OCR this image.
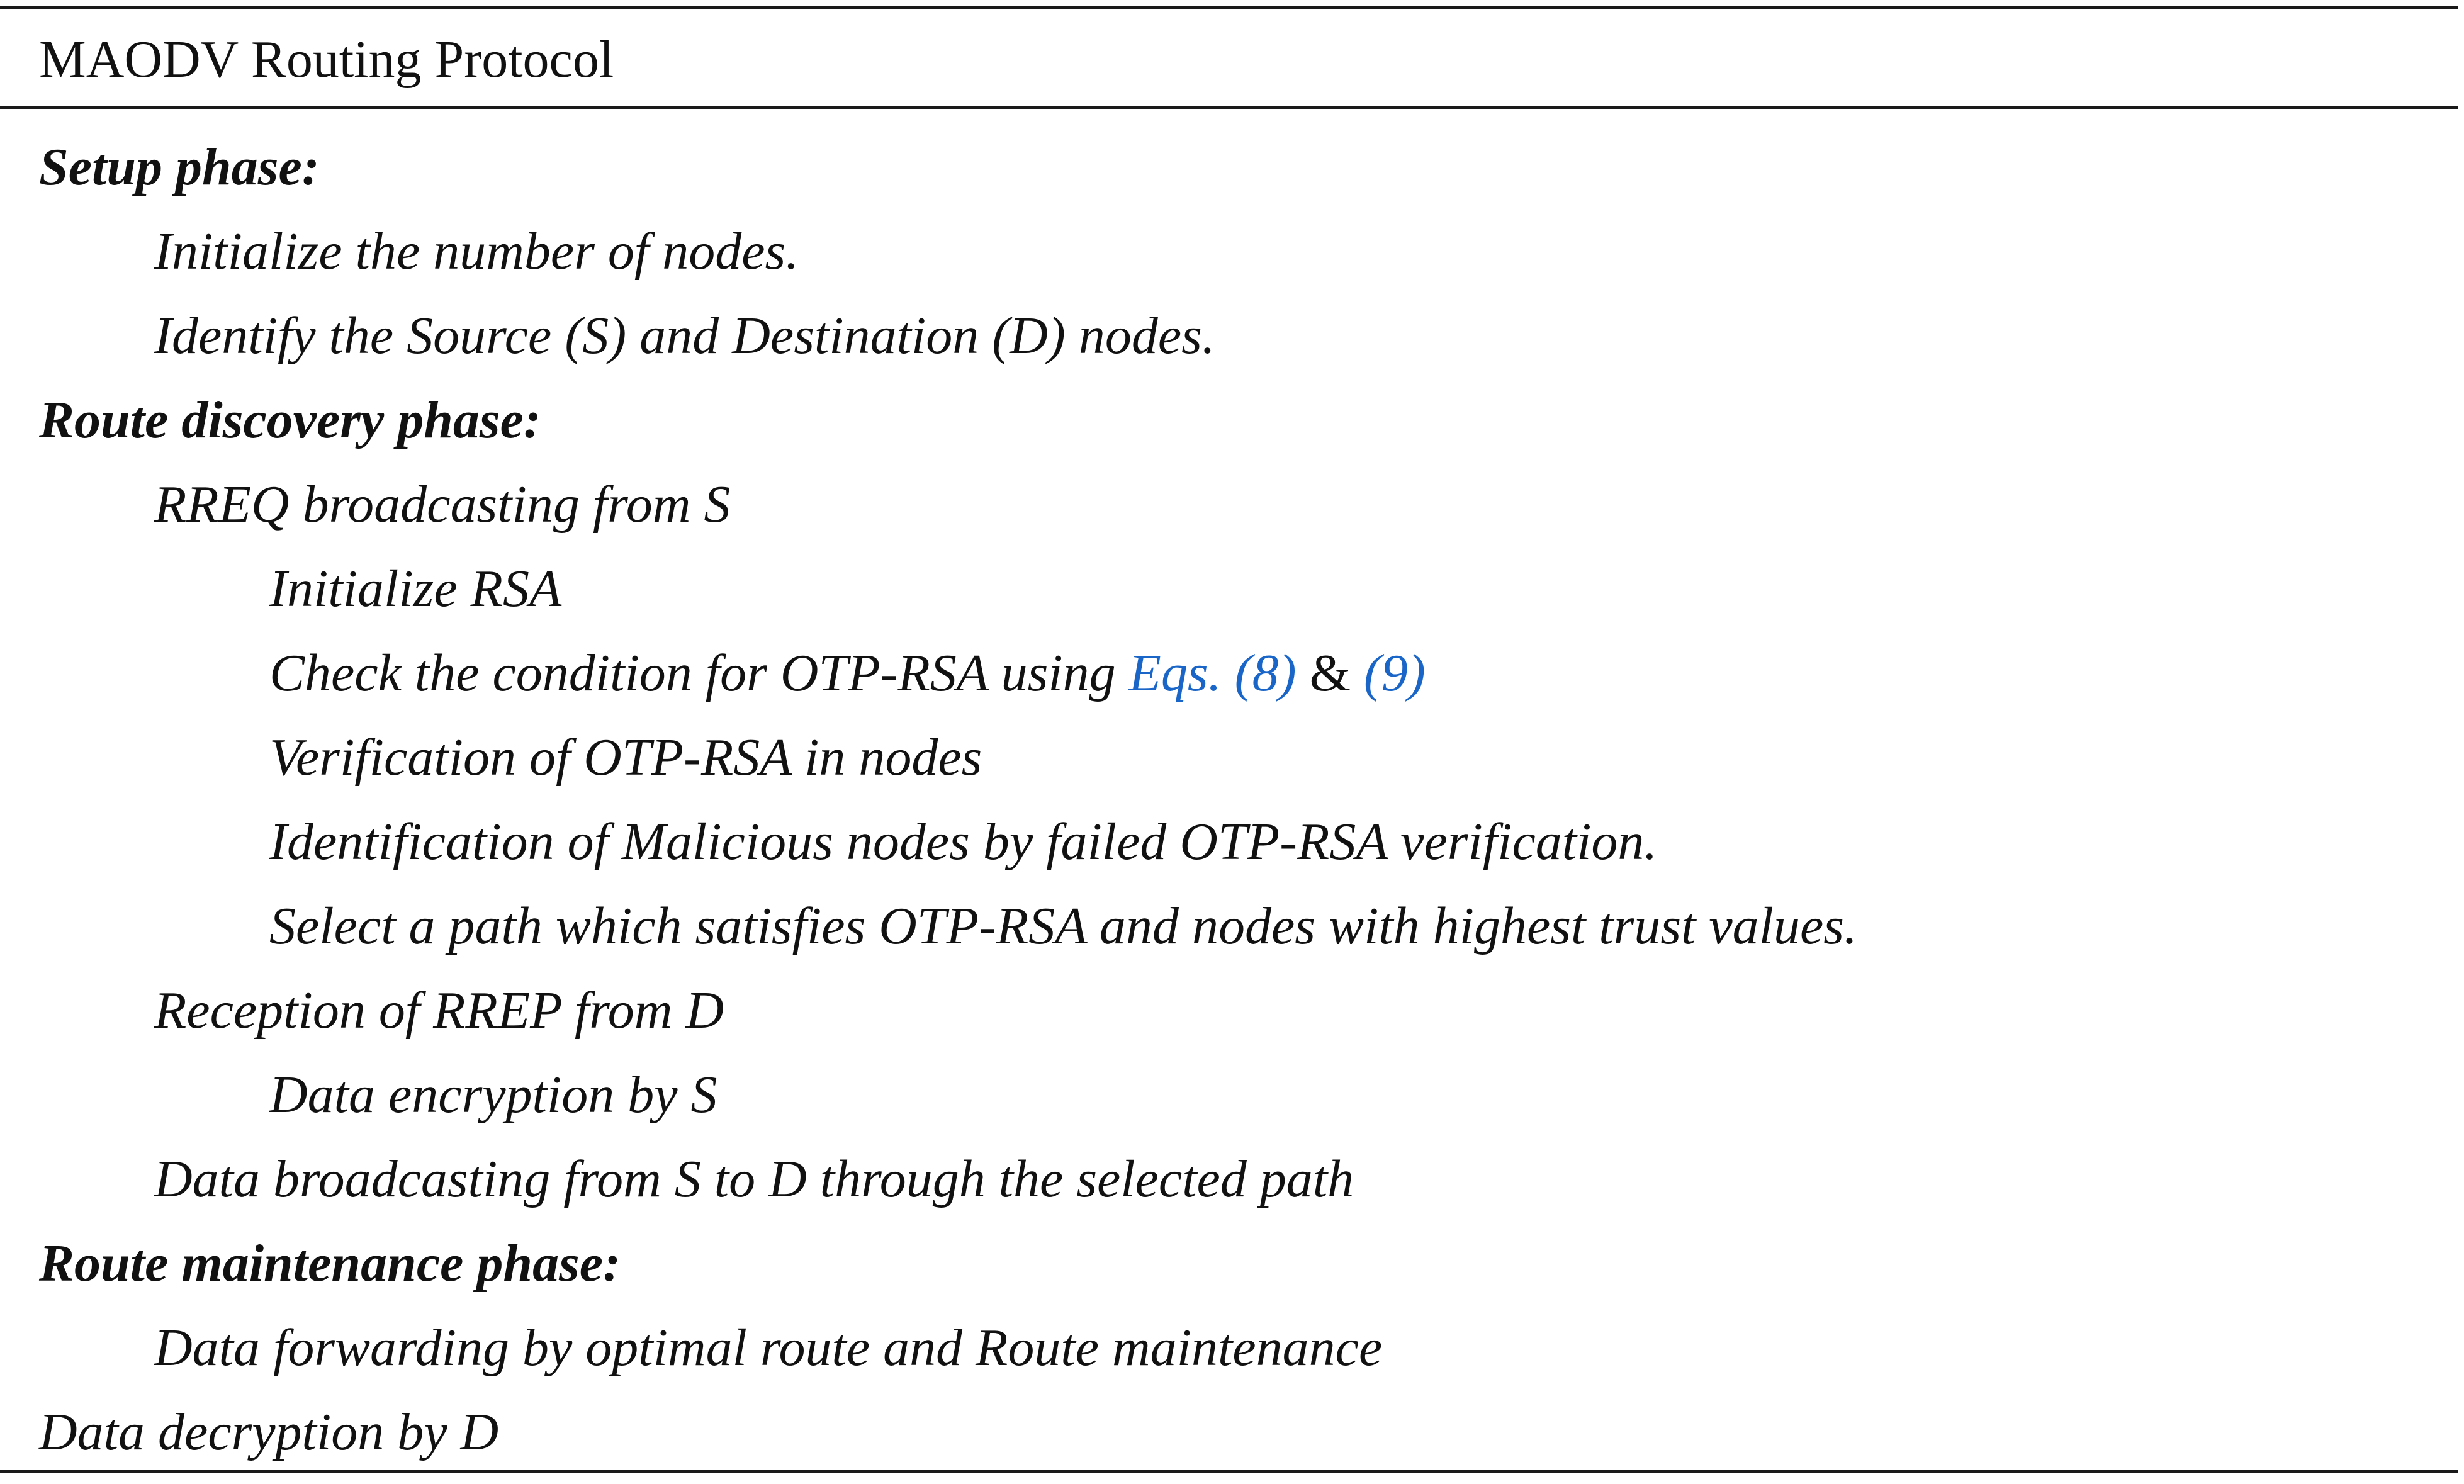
MAODV Routing Protocol
Setup phase:
Initialize the number of nodes.
Identify the Source (S) and Destination (D) nodes.
Route discovery phase:
RREQ broadcasting from S
Initialize RSA
Check the condition for OTP-RSA using Eqs. (8) & (9)
Verification of OTP-RSA in nodes
Identification of Malicious nodes by failed OTP-RSA verification.
Select a path which satisfies OTP-RSA and nodes with highest trust values.
Reception of RREP from D
Data encryption by S
Data broadcasting from S to D through the selected path
Route maintenance phase:
Data forwarding by optimal route and Route maintenance
Data decryption by D
